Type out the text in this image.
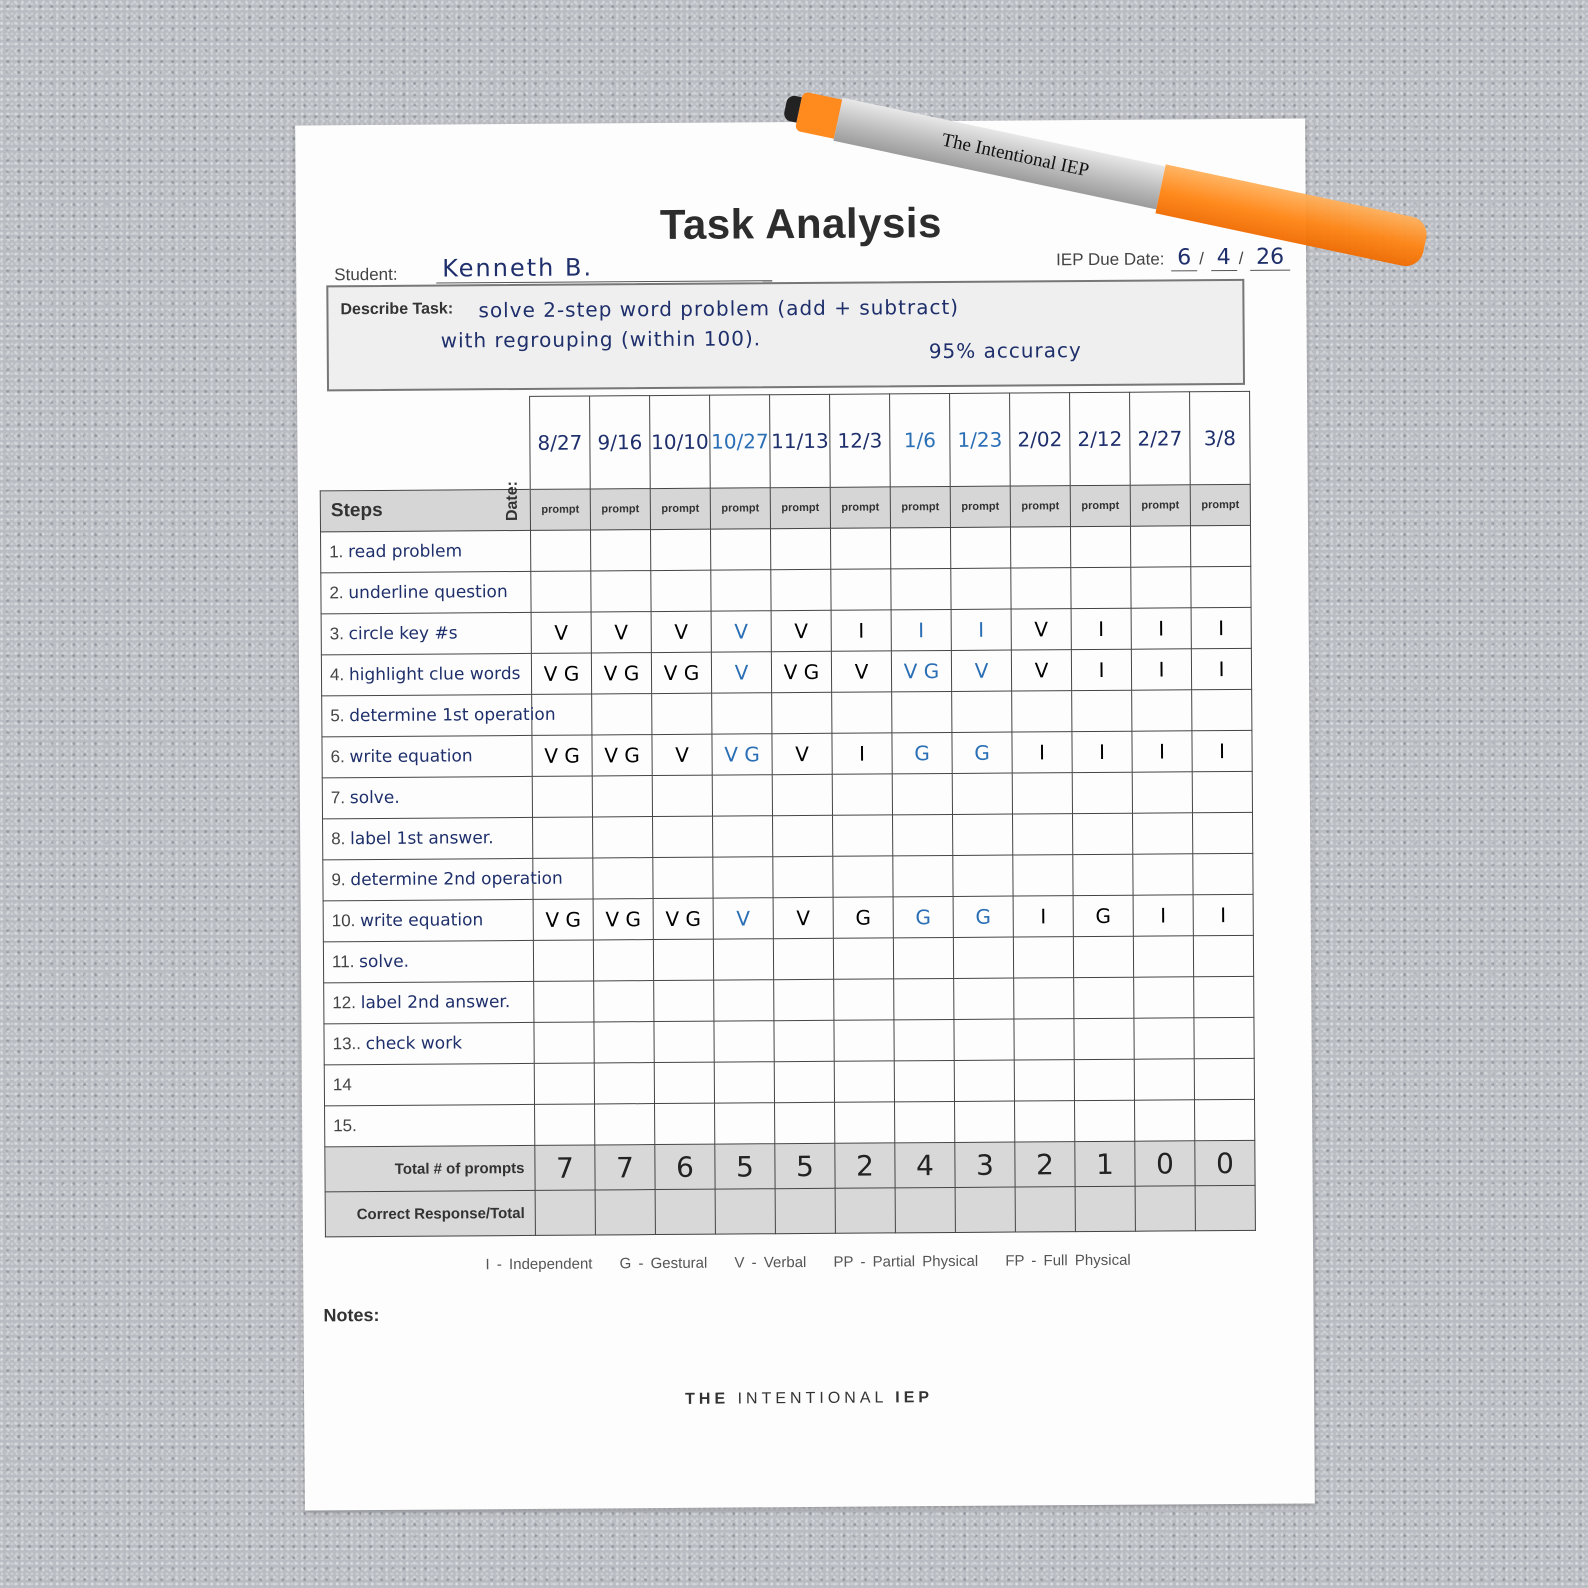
Task Analysis
Student: Kenneth B.	IEP Due Date: 6 / 4 / 26
Describe Task: solve 2-step word problem (add + subtract)
with regrouping (within 100).	95% accuracy
Date:	8/27	9/16	10/10	10/27	11/13	12/3	1/6	1/23	2/02	2/12	2/27	3/8
Steps	prompt	prompt	prompt	prompt	prompt	prompt	prompt	prompt	prompt	prompt	prompt	prompt
1. read problem												
2. underline question												
3. circle key #s	V	V	V	V	V	I	I	I	V	I	I	I
4. highlight clue words	V G	V G	V G	V	V G	V	V G	V	V	I	I	I
5. determine 1st operation												
6. write equation	V G	V G	V	V G	V	I	G	G	I	I	I	I
7. solve.												
8. label 1st answer.												
9. determine 2nd operation												
10. write equation	V G	V G	V G	V	V	G	G	G	I	G	I	I
11. solve.												
12. label 2nd answer.												
13.. check work												
14												
15.												
Total # of prompts	7	7	6	5	5	2	4	3	2	1	0	0
Correct Response/Total												
I - Independent G - Gestural V - Verbal PP - Partial Physical FP - Full Physical
Notes:
THE INTENTIONAL IEP
The Intentional IEP
